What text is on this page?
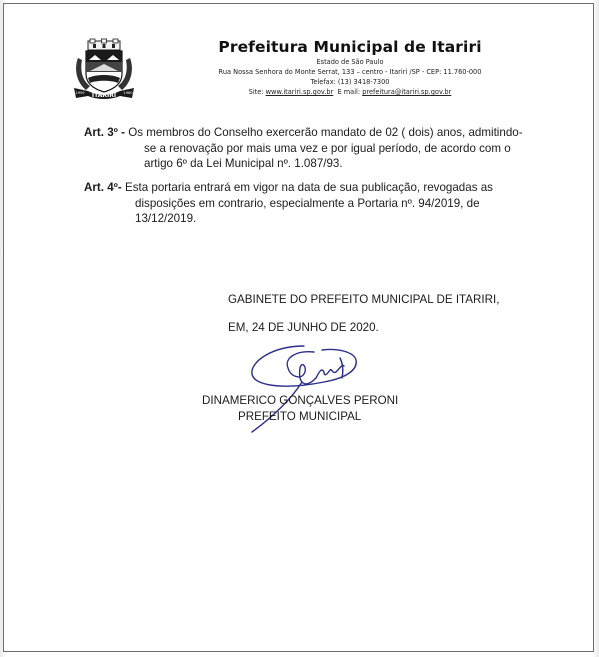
ITARIRI
1959	1960
Prefeitura Municipal de Itariri
Estado de São Paulo
Rua Nossa Senhora do Monte Serrat, 133 – centro - Itariri /SP - CEP: 11.760-000
Telefax: (13) 3418-7300
Site: www.itariri.sp.gov.br E mail: prefeitura@itariri.sp.gov.br
Art. 3º - Os membros do Conselho exercerão mandato de 02 ( dois) anos, admitindo-
se a renovação por mais uma vez e por igual período, de acordo com o
artigo 6º da Lei Municipal nº. 1.087/93.
Art. 4º- Esta portaria entrará em vigor na data de sua publicação, revogadas as
disposições em contrario, especialmente a Portaria nº. 94/2019, de
13/12/2019.
GABINETE DO PREFEITO MUNICIPAL DE ITARIRI,
EM, 24 DE JUNHO DE 2020.
DINAMERICO GONÇALVES PERONI
PREFEITO MUNICIPAL
